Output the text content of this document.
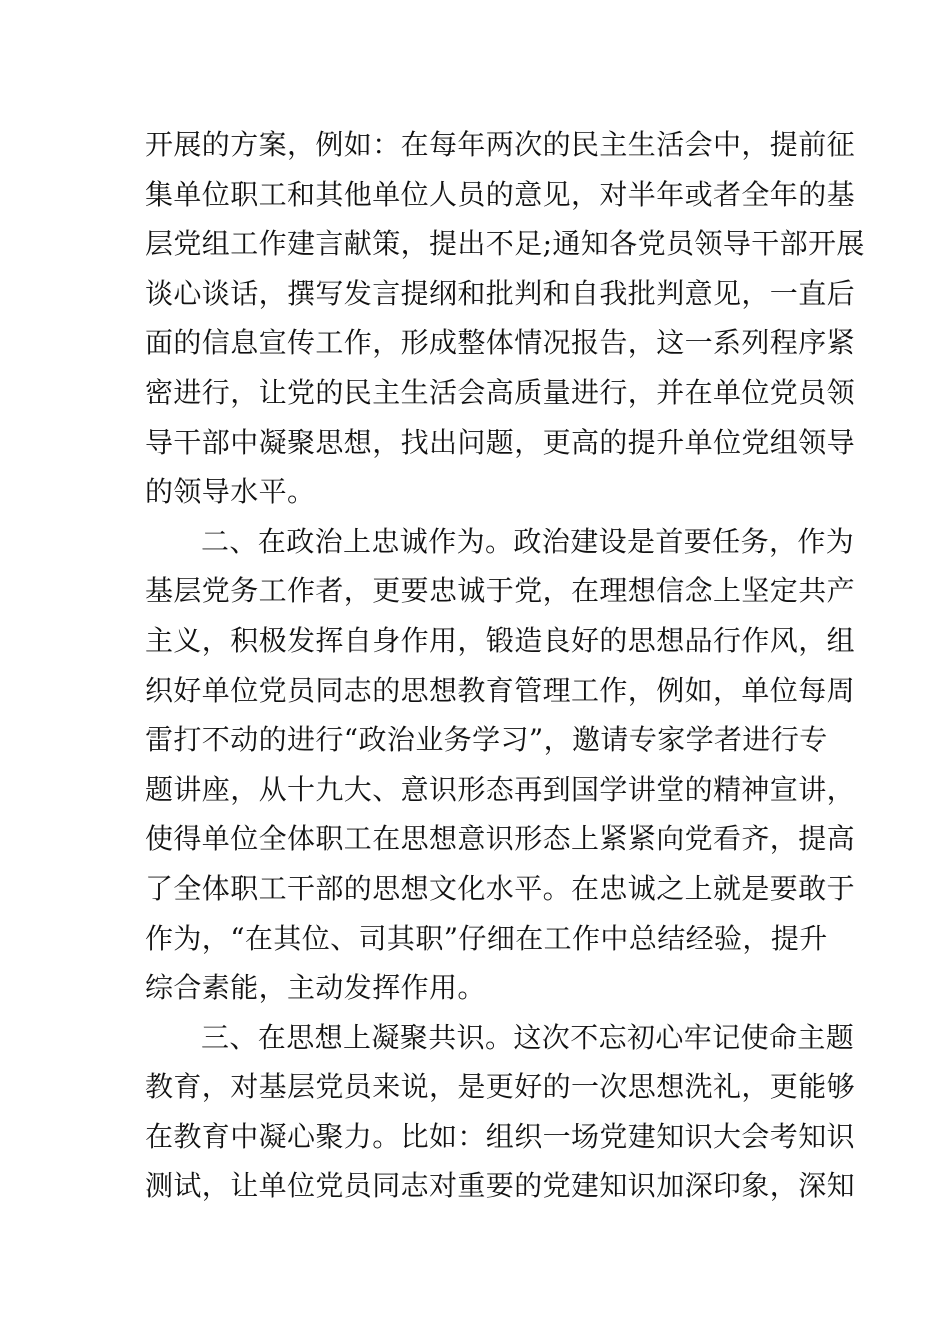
开展的方案，例如：在每年两次的民主生活会中，提前征
集单位职工和其他单位人员的意见，对半年或者全年的基
层党组工作建言献策，提出不足;通知各党员领导干部开展
谈心谈话，撰写发言提纲和批判和自我批判意见，一直后
面的信息宣传工作，形成整体情况报告，这一系列程序紧
密进行，让党的民主生活会高质量进行，并在单位党员领
导干部中凝聚思想，找出问题，更高的提升单位党组领导
的领导水平。
二、在政治上忠诚作为。政治建设是首要任务，作为
基层党务工作者，更要忠诚于党，在理想信念上坚定共产
主义，积极发挥自身作用，锻造良好的思想品行作风，组
织好单位党员同志的思想教育管理工作，例如，单位每周
雷打不动的进行“政治业务学习”，邀请专家学者进行专
题讲座，从十九大、意识形态再到国学讲堂的精神宣讲，
使得单位全体职工在思想意识形态上紧紧向党看齐，提高
了全体职工干部的思想文化水平。在忠诚之上就是要敢于
作为，“在其位、司其职”仔细在工作中总结经验，提升
综合素能，主动发挥作用。
三、在思想上凝聚共识。这次不忘初心牢记使命主题
教育，对基层党员来说，是更好的一次思想洗礼，更能够
在教育中凝心聚力。比如：组织一场党建知识大会考知识
测试，让单位党员同志对重要的党建知识加深印象，深知
